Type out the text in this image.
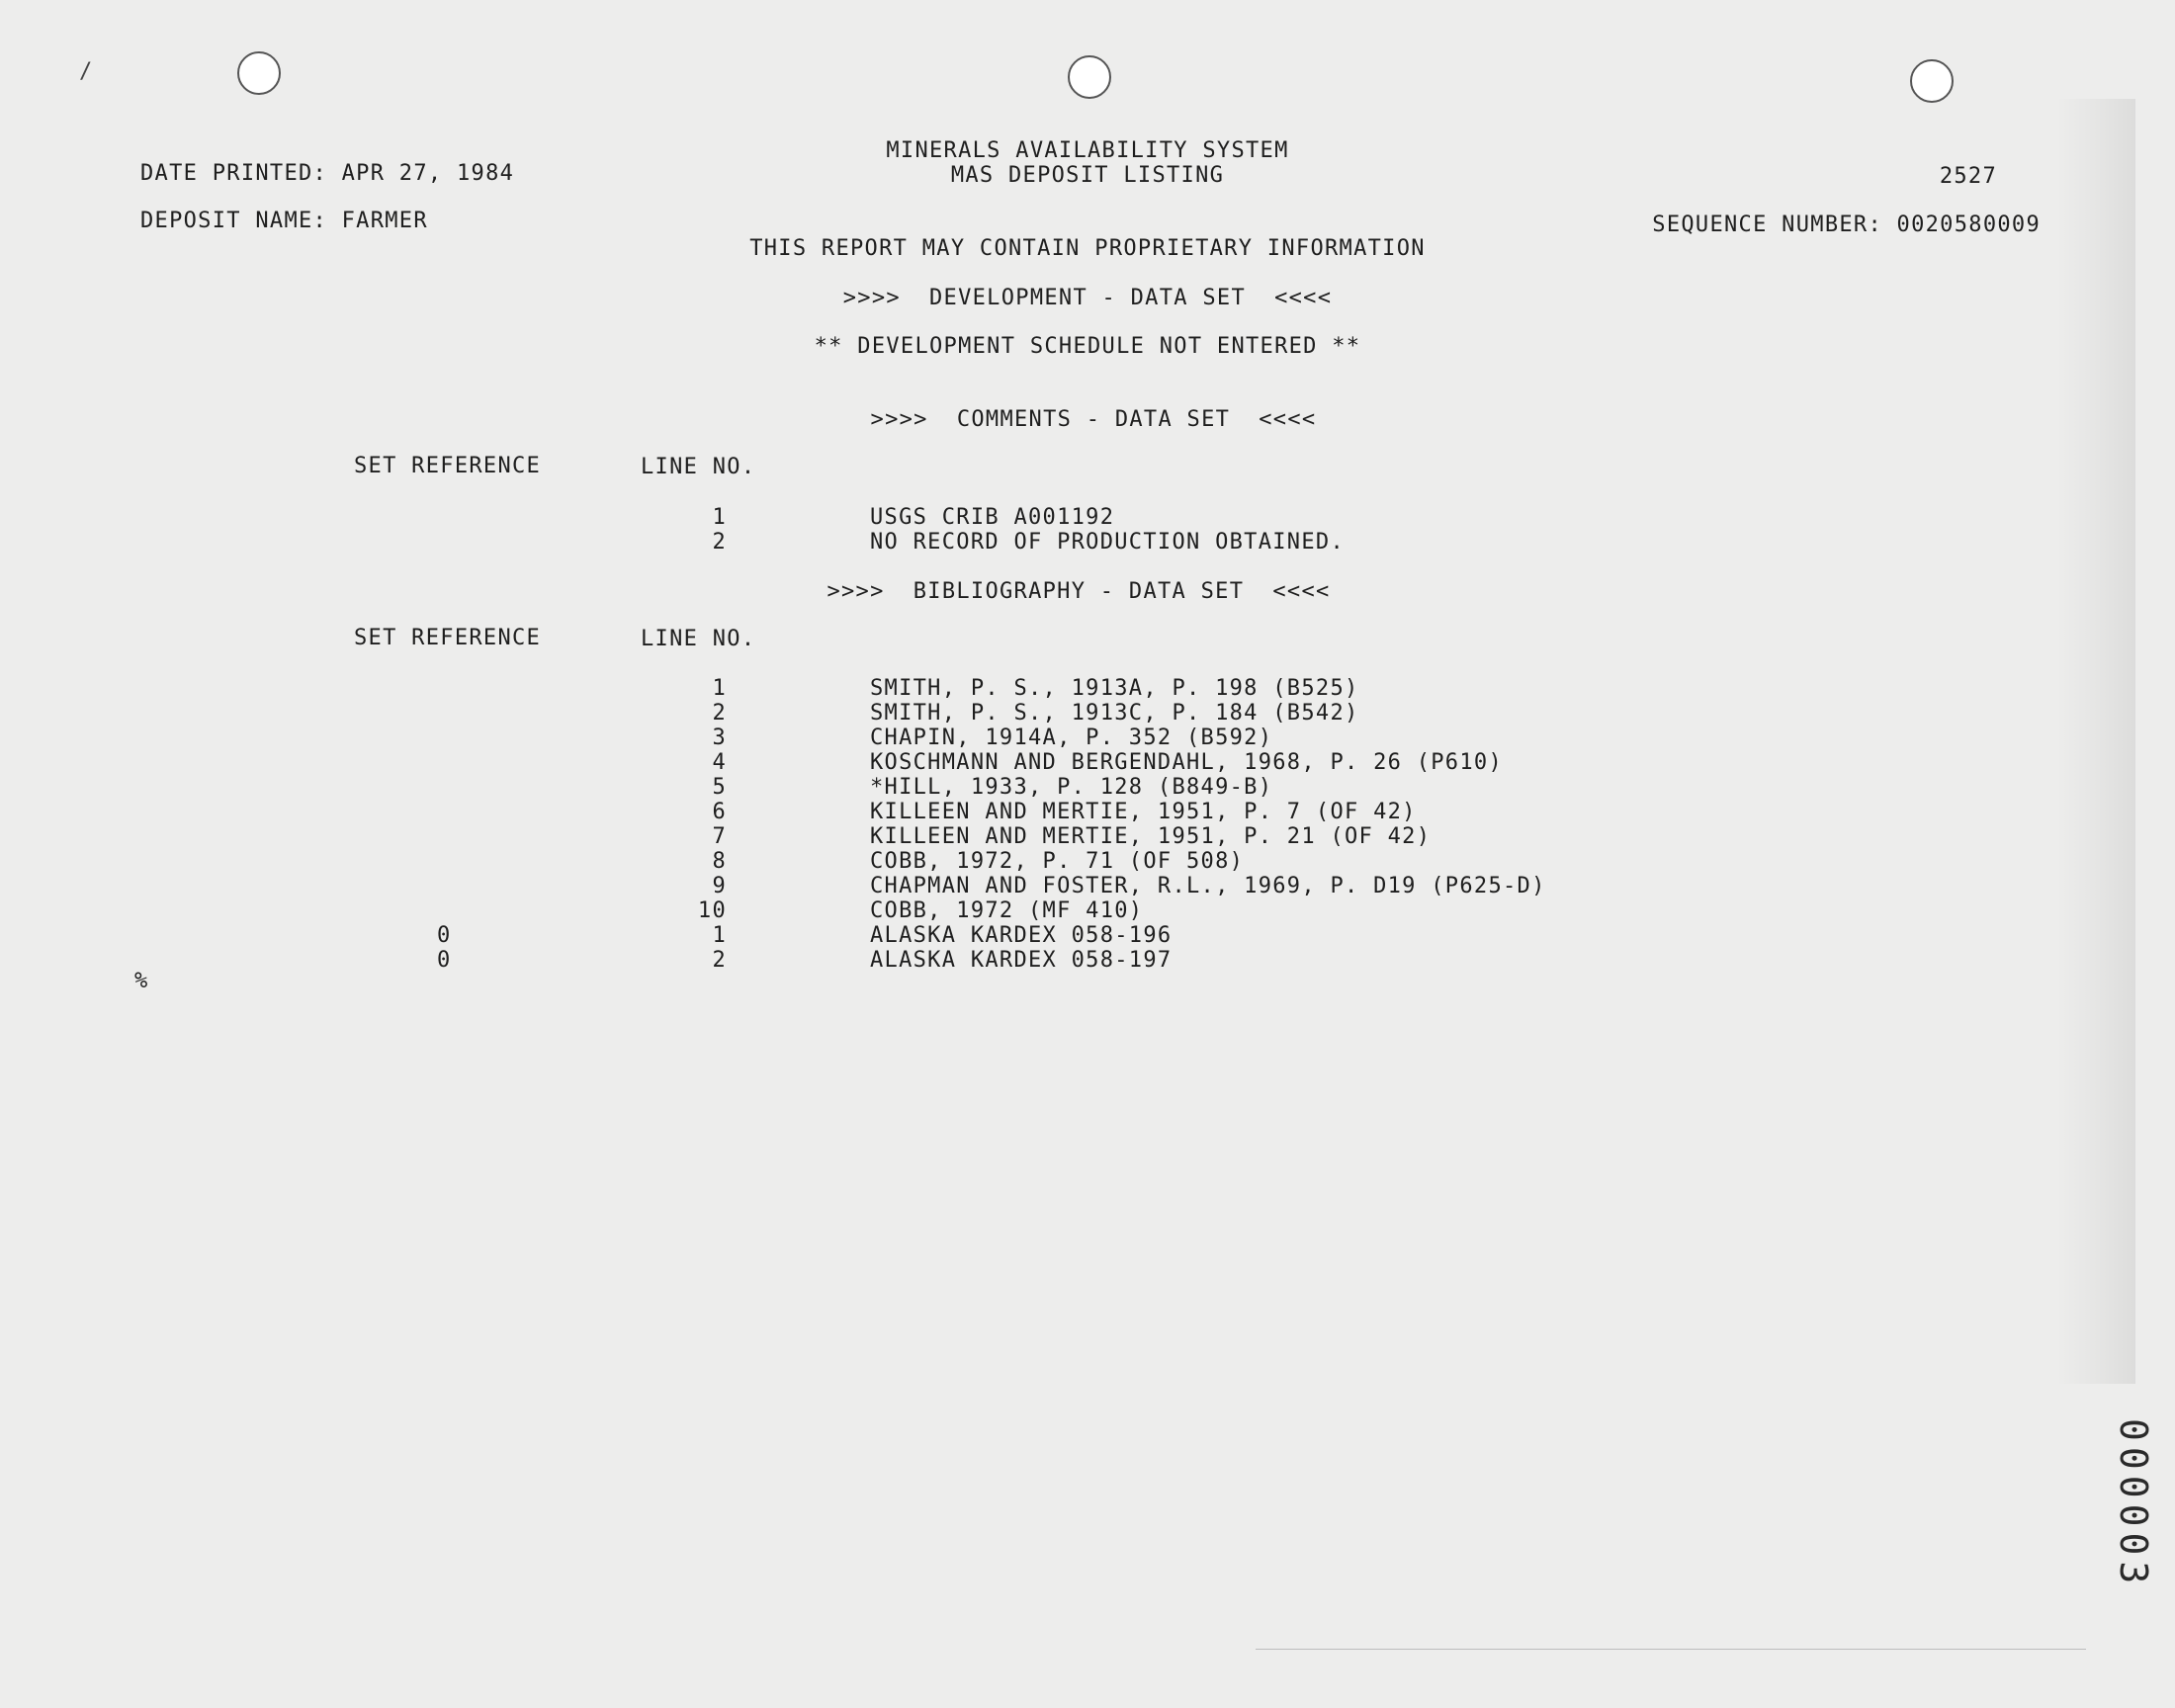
/
MINERALS AVAILABILITY SYSTEM
MAS DEPOSIT LISTING
DATE PRINTED: APR 27, 1984	2527
DEPOSIT NAME: FARMER	SEQUENCE NUMBER: 0020580009
THIS REPORT MAY CONTAIN PROPRIETARY INFORMATION
>>>>  DEVELOPMENT - DATA SET  <<<<
** DEVELOPMENT SCHEDULE NOT ENTERED **
>>>>  COMMENTS - DATA SET  <<<<
SET REFERENCE	LINE NO.
1	USGS CRIB A001192
2	NO RECORD OF PRODUCTION OBTAINED.
>>>>  BIBLIOGRAPHY - DATA SET  <<<<
SET REFERENCE	LINE NO.
1	SMITH, P. S., 1913A, P. 198 (B525)
2	SMITH, P. S., 1913C, P. 184 (B542)
3	CHAPIN, 1914A, P. 352 (B592)
4	KOSCHMANN AND BERGENDAHL, 1968, P. 26 (P610)
5	*HILL, 1933, P. 128 (B849-B)
6	KILLEEN AND MERTIE, 1951, P. 7 (OF 42)
7	KILLEEN AND MERTIE, 1951, P. 21 (OF 42)
8	COBB, 1972, P. 71 (OF 508)
9	CHAPMAN AND FOSTER, R.L., 1969, P. D19 (P625-D)
10	COBB, 1972 (MF 410)
0	1	ALASKA KARDEX 058-196
0	2	ALASKA KARDEX 058-197
%
000003
